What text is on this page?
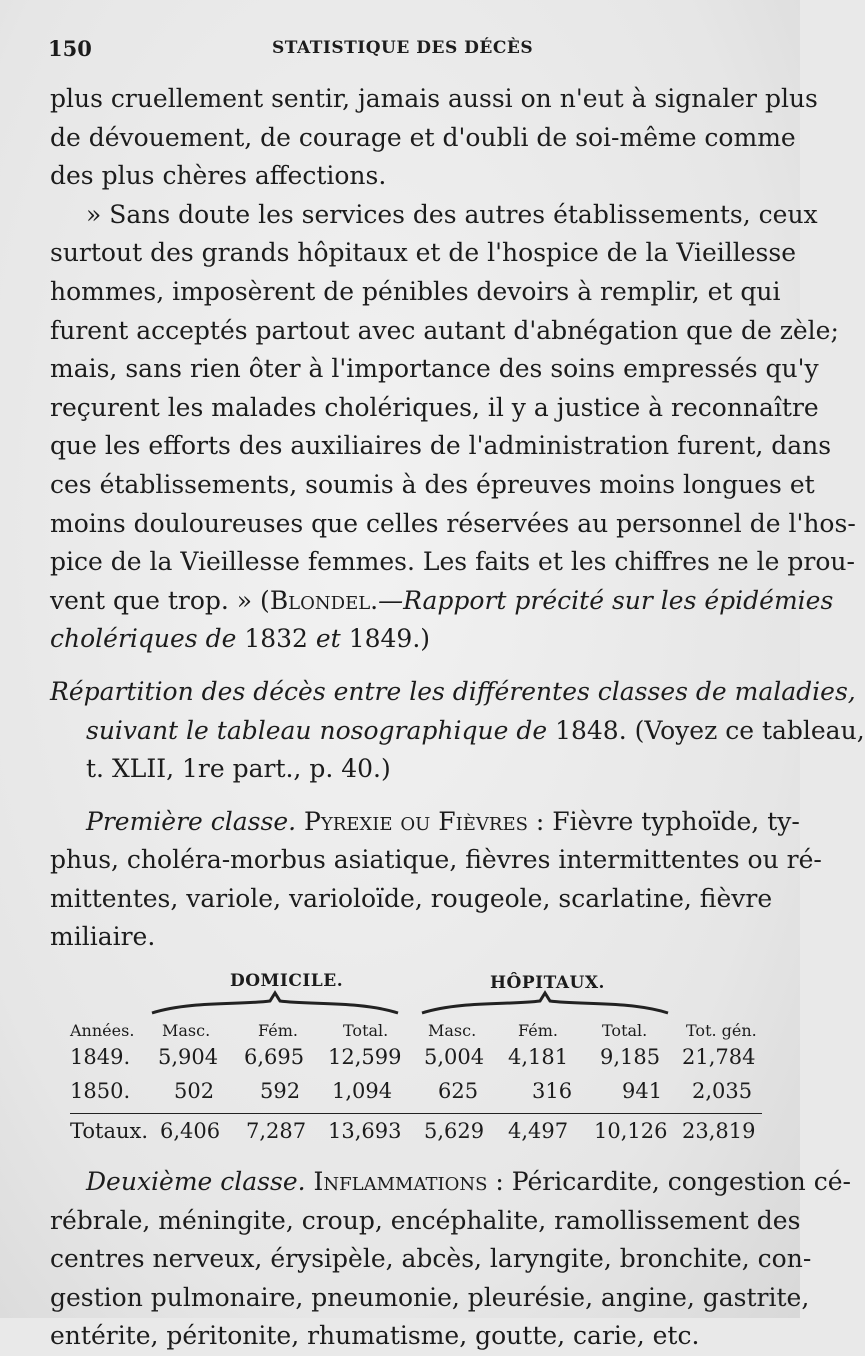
150	STATISTIQUE DES DÉCÈS
plus cruellement sentir, jamais aussi on n'eut à signaler plus
de dévouement, de courage et d'oubli de soi-même comme
des plus chères affections.
» Sans doute les services des autres établissements, ceux
surtout des grands hôpitaux et de l'hospice de la Vieillesse
hommes, imposèrent de pénibles devoirs à remplir, et qui
furent acceptés partout avec autant d'abnégation que de zèle;
mais, sans rien ôter à l'importance des soins empressés qu'y
reçurent les malades cholériques, il y a justice à reconnaître
que les efforts des auxiliaires de l'administration furent, dans
ces établissements, soumis à des épreuves moins longues et
moins douloureuses que celles réservées au personnel de l'hos-
pice de la Vieillesse femmes. Les faits et les chiffres ne le prou-
vent que trop. » (Blondel.—Rapport précité sur les épidémies
cholériques de 1832 et 1849.)
Répartition des décès entre les différentes classes de maladies,
suivant le tableau nosographique de 1848. (Voyez ce tableau,
t. XLII, 1re part., p. 40.)
Première classe. Pyrexie ou Fièvres : Fièvre typhoïde, ty-
phus, choléra-morbus asiatique, fièvres intermittentes ou ré-
mittentes, variole, varioloïde, rougeole, scarlatine, fièvre
miliaire.
DOMICILE.	HÔPITAUX.
Années. Masc.	Fém.	Total. Masc.	Fém.	Total. Tot. gén.
1849. 5,904 6,695 12,599 5,004 4,181 9,185 21,784
1850. 502 592 1,094 625	316 941 2,035
Totaux. 6,406 7,287 13,693 5,629 4,497 10,126 23,819
Deuxième classe. Inflammations : Péricardite, congestion cé-
rébrale, méningite, croup, encéphalite, ramollissement des
centres nerveux, érysipèle, abcès, laryngite, bronchite, con-
gestion pulmonaire, pneumonie, pleurésie, angine, gastrite,
entérite, péritonite, rhumatisme, goutte, carie, etc.
